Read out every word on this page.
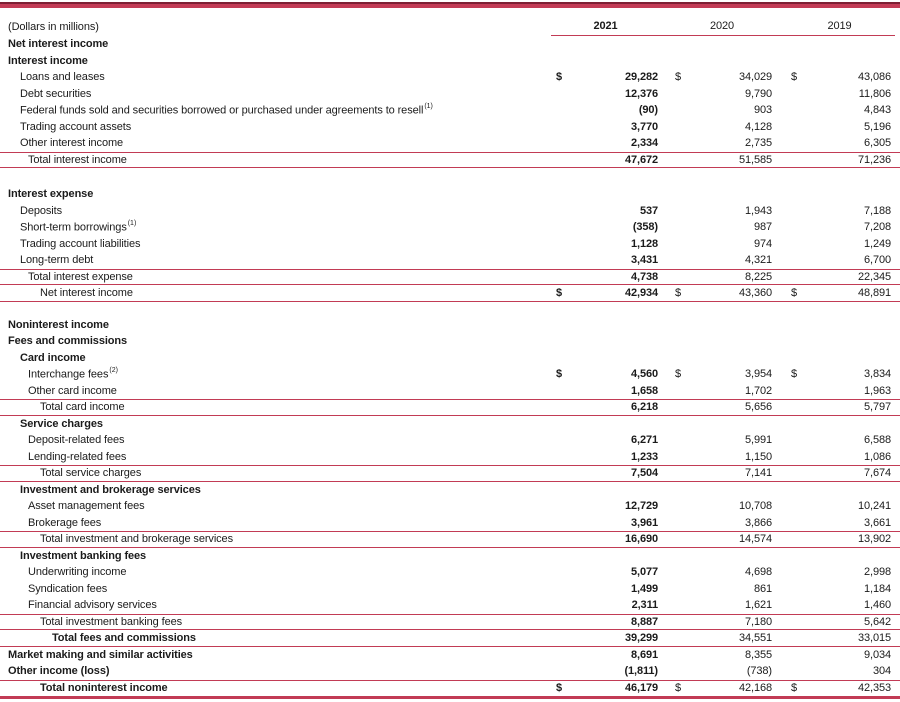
(Dollars in millions)	2021	2020	2019
Net interest income
Interest income
Loans and leases	$	29,282 $	34,029 $	43,086
Debt securities	12,376	9,790	11,806
Federal funds sold and securities borrowed or purchased under agreements to resell$^{(1)}$	(90)	903	4,843
Trading account assets	3,770	4,128	5,196
Other interest income	2,334	2,735	6,305
Total interest income	47,672	51,585	71,236
Interest expense
Deposits	537	1,943	7,188
Short-term borrowings$^{(1)}$	(358)	987	7,208
Trading account liabilities	1,128	974	1,249
Long-term debt	3,431	4,321	6,700
Total interest expense	4,738	8,225	22,345
Net interest income	$	42,934 $	43,360 $	48,891
Noninterest income
Fees and commissions
Card income
Interchange fees$^{(2)}$	$	4,560 $	3,954 $	3,834
Other card income	1,658	1,702	1,963
Total card income	6,218	5,656	5,797
Service charges
Deposit-related fees	6,271	5,991	6,588
Lending-related fees	1,233	1,150	1,086
Total service charges	7,504	7,141	7,674
Investment and brokerage services
Asset management fees	12,729	10,708	10,241
Brokerage fees	3,961	3,866	3,661
Total investment and brokerage services	16,690	14,574	13,902
Investment banking fees
Underwriting income	5,077	4,698	2,998
Syndication fees	1,499	861	1,184
Financial advisory services	2,311	1,621	1,460
Total investment banking fees	8,887	7,180	5,642
Total fees and commissions	39,299	34,551	33,015
Market making and similar activities	8,691	8,355	9,034
Other income (loss)	(1,811)	(738)	304
Total noninterest income	$	46,179 $	42,168 $	42,353
